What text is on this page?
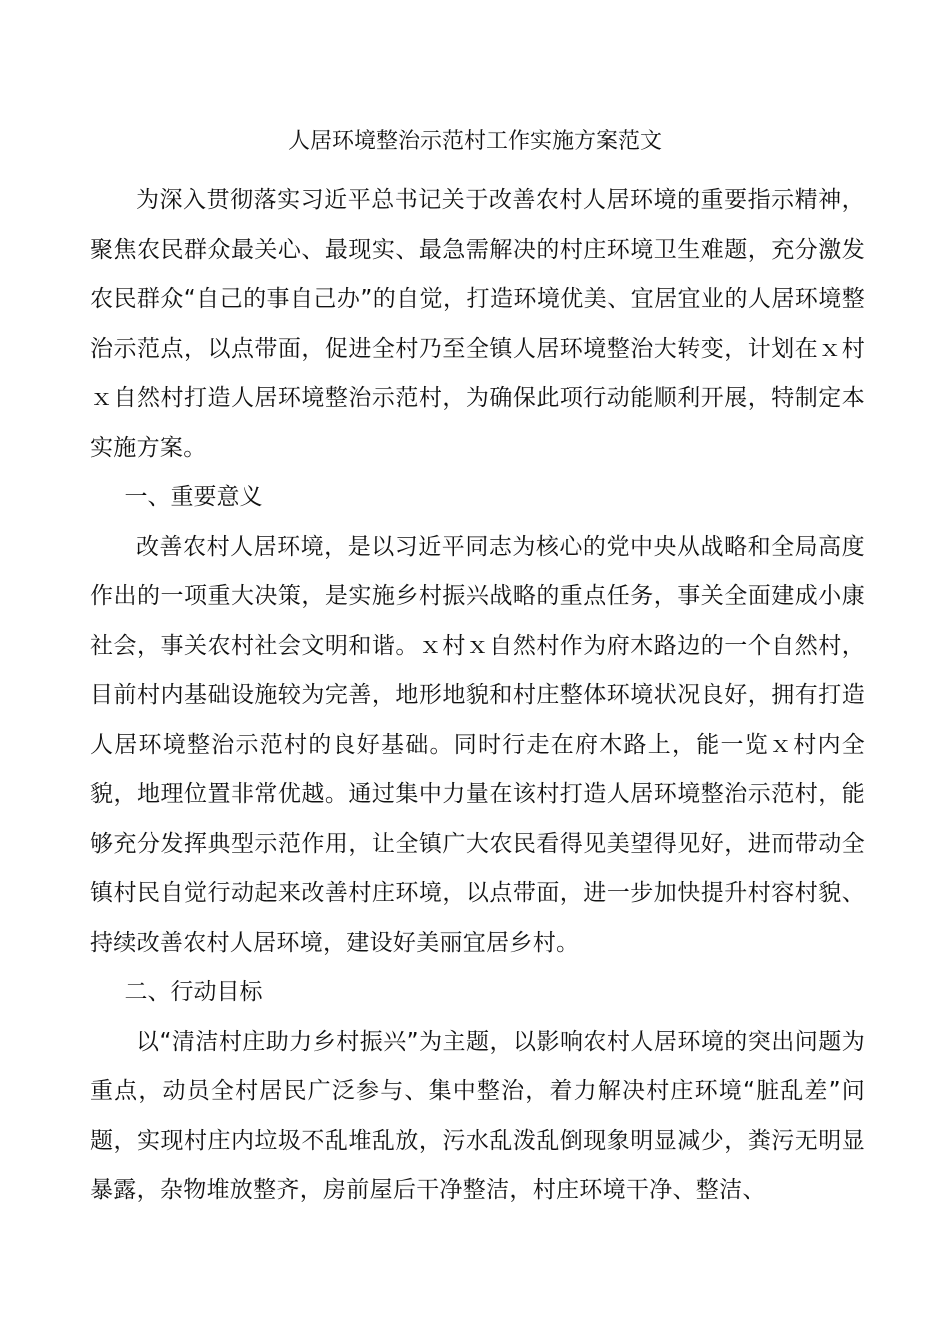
人居环境整治示范村工作实施方案范文

为深入贯彻落实习近平总书记关于改善农村人居环境的重要指示精神，聚焦农民群众最关心、最现实、最急需解决的村庄环境卫生难题，充分激发农民群众“自己的事自己办”的自觉，打造环境优美、宜居宜业的人居环境整治示范点，以点带面，促进全村乃至全镇人居环境整治大转变，计划在ｘ村ｘ自然村打造人居环境整治示范村，为确保此项行动能顺利开展，特制定本实施方案。

一、重要意义

改善农村人居环境，是以习近平同志为核心的党中央从战略和全局高度作出的一项重大决策，是实施乡村振兴战略的重点任务，事关全面建成小康社会，事关农村社会文明和谐。ｘ村ｘ自然村作为府木路边的一个自然村，目前村内基础设施较为完善，地形地貌和村庄整体环境状况良好，拥有打造人居环境整治示范村的良好基础。同时行走在府木路上，能一览ｘ村内全貌，地理位置非常优越。通过集中力量在该村打造人居环境整治示范村，能够充分发挥典型示范作用，让全镇广大农民看得见美望得见好，进而带动全镇村民自觉行动起来改善村庄环境，以点带面，进一步加快提升村容村貌、持续改善农村人居环境，建设好美丽宜居乡村。

二、行动目标

以“清洁村庄助力乡村振兴”为主题，以影响农村人居环境的突出问题为重点，动员全村居民广泛参与、集中整治，着力解决村庄环境“脏乱差”问题，实现村庄内垃圾不乱堆乱放，污水乱泼乱倒现象明显减少，粪污无明显暴露，杂物堆放整齐，房前屋后干净整洁，村庄环境干净、整洁、
